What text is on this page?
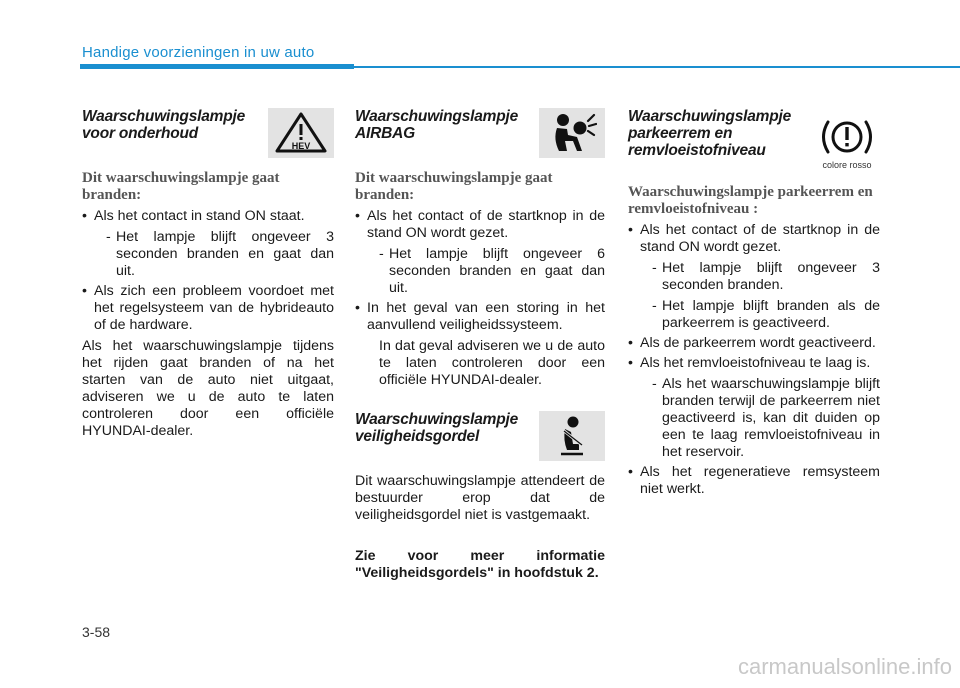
Handige voorzieningen in uw auto
Waarschuwingslampje voor onderhoud
HEV
Dit waarschuwingslampje gaat branden:
• Als het contact in stand ON staat.
- Het lampje blijft ongeveer 3 seconden branden en gaat dan uit.
• Als zich een probleem voordoet met het regelsysteem van de hybrideauto of de hardware.

Als het waarschuwingslampje tijdens het rijden gaat branden of na het starten van de auto niet uitgaat, adviseren we u de auto te laten controleren door een officiële HYUNDAI-dealer.

Waarschuwingslampje AIRBAG
Dit waarschuwingslampje gaat branden:
• Als het contact of de startknop in de stand ON wordt gezet.
- Het lampje blijft ongeveer 6 seconden branden en gaat dan uit.
• In het geval van een storing in het aanvullend veiligheidssysteem.
In dat geval adviseren we u de auto te laten controleren door een officiële HYUNDAI-dealer.
Waarschuwingslampje veiligheidsgordel

Dit waarschuwingslampje attendeert de bestuurder erop dat de veiligheidsgordel niet is vastgemaakt.

Zie voor meer informatie "Veiligheidsgordels" in hoofdstuk 2.

Waarschuwingslampje parkeerrem en remvloeistofniveau
colore rosso
Waarschuwingslampje parkeerrem en remvloeistofniveau :
• Als het contact of de startknop in de stand ON wordt gezet.
- Het lampje blijft ongeveer 3 seconden branden.
- Het lampje blijft branden als de parkeerrem is geactiveerd.
• Als de parkeerrem wordt geactiveerd.
• Als het remvloeistofniveau te laag is.
- Als het waarschuwingslampje blijft branden terwijl de parkeerrem niet geactiveerd is, kan dit duiden op een te laag remvloeistofniveau in het reservoir.
• Als het regeneratieve remsysteem niet werkt.
3-58
carmanualsonline.info
